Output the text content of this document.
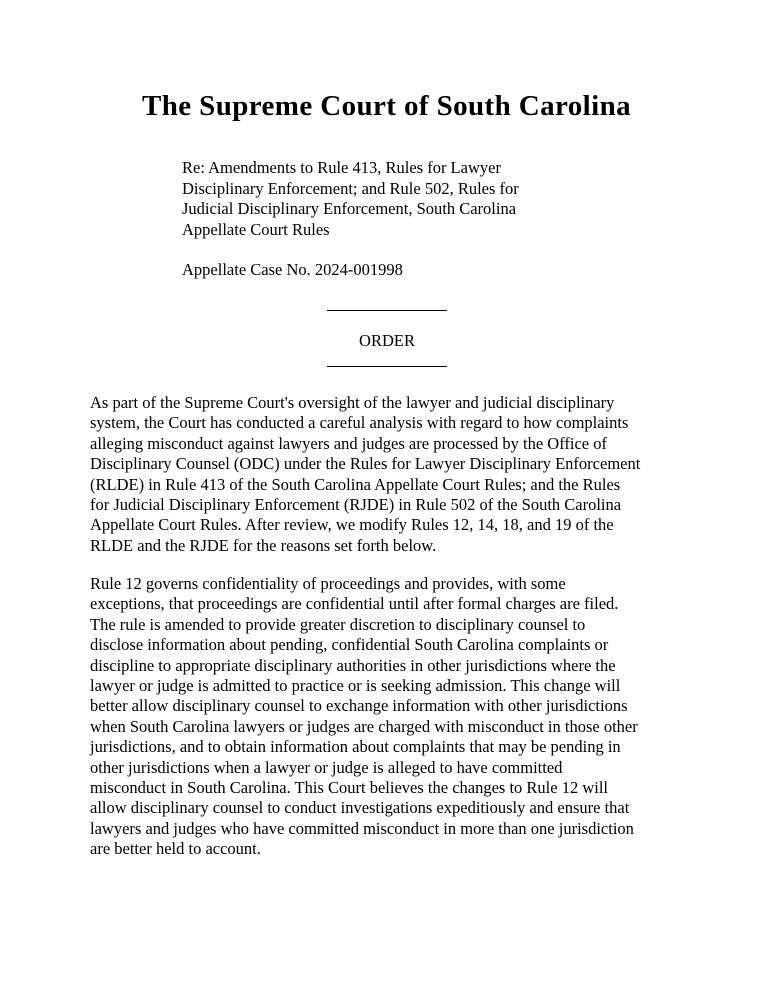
The Supreme Court of South Carolina

Re: Amendments to Rule 413, Rules for Lawyer

Disciplinary Enforcement; and Rule 502, Rules for

Judicial Disciplinary Enforcement, South Carolina

Appellate Court Rules

Appellate Case No. 2024-001998

ORDER

As part of the Supreme Court's oversight of the lawyer and judicial disciplinary
system, the Court has conducted a careful analysis with regard to how complaints
alleging misconduct against lawyers and judges are processed by the Office of
Disciplinary Counsel (ODC) under the Rules for Lawyer Disciplinary Enforcement
(RLDE) in Rule 413 of the South Carolina Appellate Court Rules; and the Rules
for Judicial Disciplinary Enforcement (RJDE) in Rule 502 of the South Carolina
Appellate Court Rules. After review, we modify Rules 12, 14, 18, and 19 of the
RLDE and the RJDE for the reasons set forth below.

Rule 12 governs confidentiality of proceedings and provides, with some
exceptions, that proceedings are confidential until after formal charges are filed.
The rule is amended to provide greater discretion to disciplinary counsel to
disclose information about pending, confidential South Carolina complaints or
discipline to appropriate disciplinary authorities in other jurisdictions where the
lawyer or judge is admitted to practice or is seeking admission. This change will
better allow disciplinary counsel to exchange information with other jurisdictions
when South Carolina lawyers or judges are charged with misconduct in those other
jurisdictions, and to obtain information about complaints that may be pending in
other jurisdictions when a lawyer or judge is alleged to have committed
misconduct in South Carolina. This Court believes the changes to Rule 12 will
allow disciplinary counsel to conduct investigations expeditiously and ensure that
lawyers and judges who have committed misconduct in more than one jurisdiction
are better held to account.
